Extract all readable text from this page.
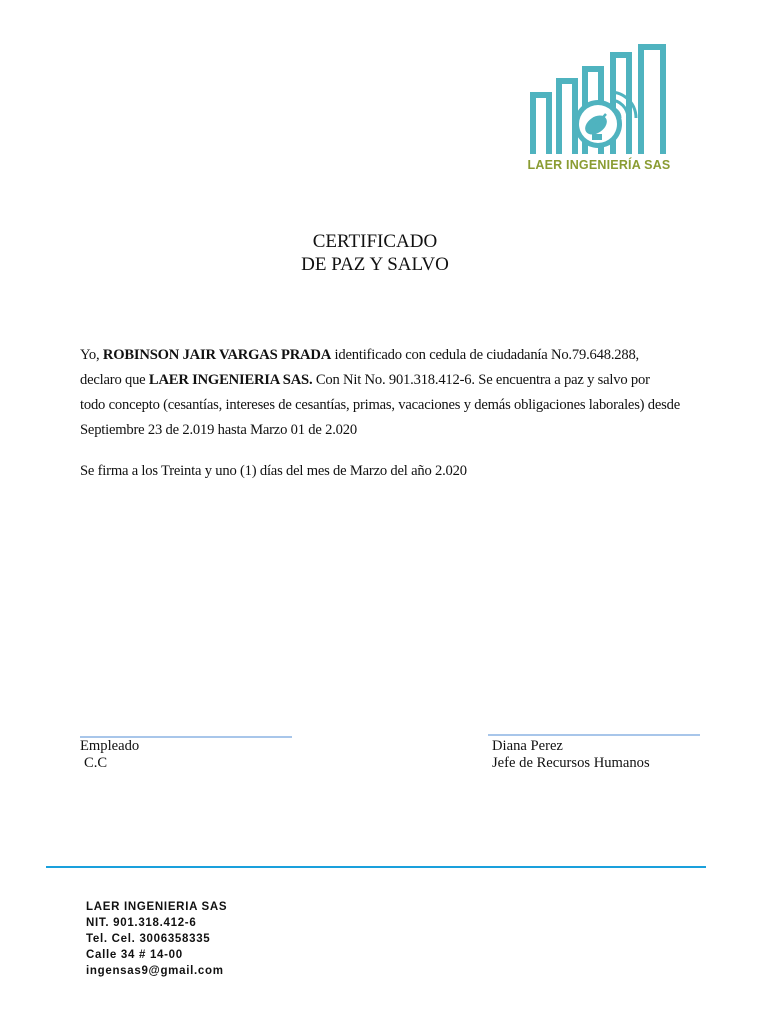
LAER INGENIERÍA SAS
CERTIFICADO
DE PAZ Y SALVO
Yo, ROBINSON JAIR VARGAS PRADA identificado con cedula de ciudadanía No.79.648.288,
declaro que LAER INGENIERIA SAS. Con Nit No. 901.318.412-6. Se encuentra a paz y salvo por
todo concepto (cesantías, intereses de cesantías, primas, vacaciones y demás obligaciones laborales) desde
Septiembre 23 de 2.019 hasta Marzo 01 de 2.020
Se firma a los Treinta y uno (1) días del mes de Marzo del año 2.020
Empleado
C.C
Diana Perez
Jefe de Recursos Humanos
LAER INGENIERIA SAS
NIT. 901.318.412-6
Tel. Cel. 3006358335
Calle 34 # 14-00
ingensas9@gmail.com
